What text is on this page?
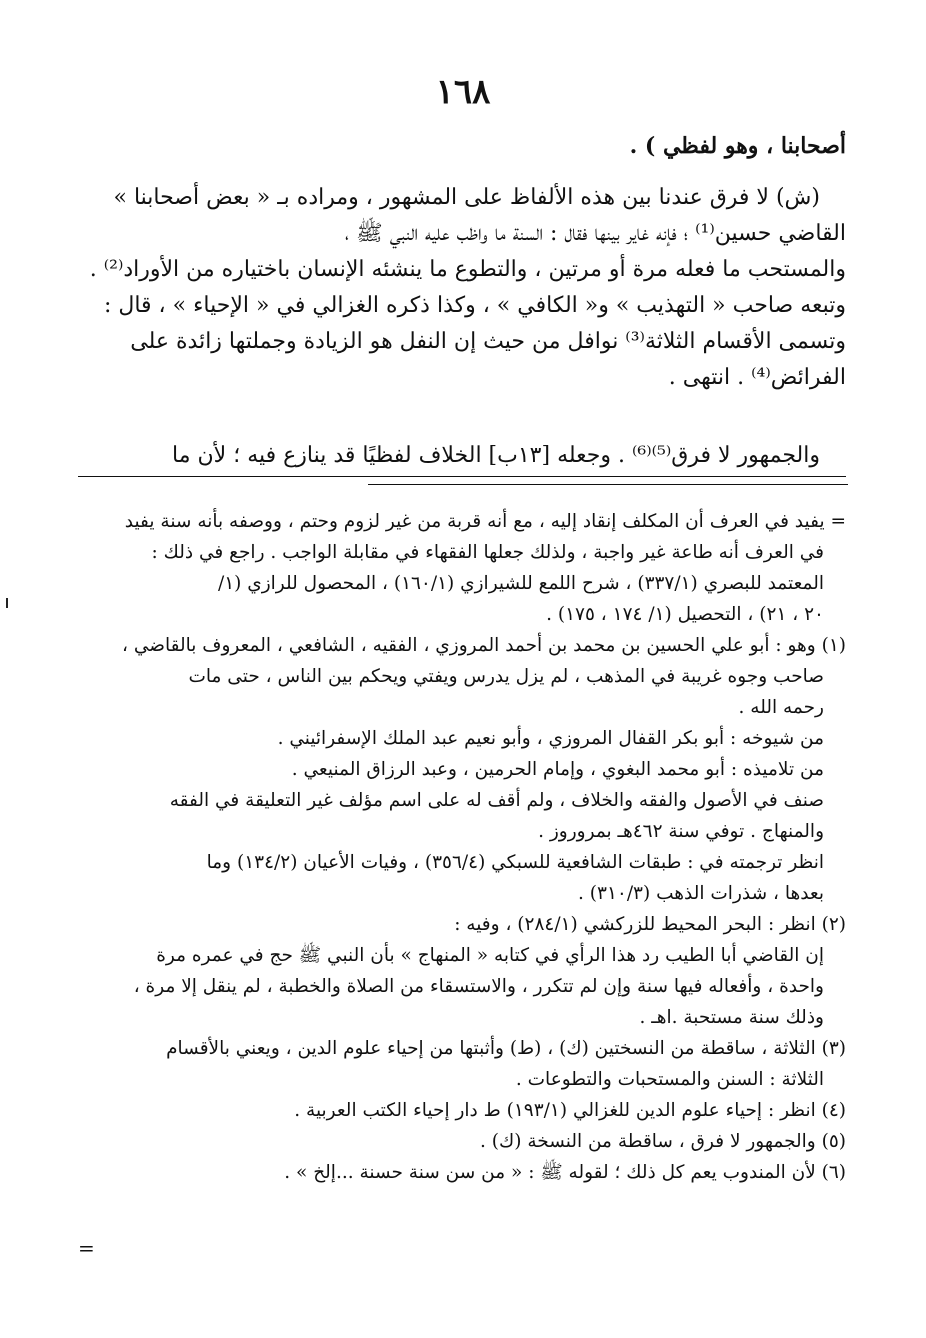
١٦٨
أصحابنا ، وهو لفظي ) .
(ش) لا فرق عندنا بين هذه الألفاظ على المشهور ، ومراده بـ « بعض أصحابنا »
القاضي حسين⁽¹⁾ ؛ فإنه غاير بينها فقال : السنة ما واظب عليه النبي ﷺ ،
والمستحب ما فعله مرة أو مرتين ، والتطوع ما ينشئه الإنسان باختياره من الأوراد⁽²⁾ .
وتبعه صاحب « التهذيب » و« الكافي » ، وكذا ذكره الغزالي في « الإحياء » ، قال :
وتسمى الأقسام الثلاثة⁽³⁾ نوافل من حيث إن النفل هو الزيادة وجملتها زائدة على
الفرائض⁽⁴⁾ . انتهى .
والجمهور لا فرق⁽⁵⁾⁽⁶⁾ . وجعله [١٣ب] الخلاف لفظيًا قد ينازع فيه ؛ لأن ما
= يفيد في العرف أن المكلف إنقاد إليه ، مع أنه قربة من غير لزوم وحتم ، ووصفه بأنه سنة يفيد
في العرف أنه طاعة غير واجبة ، ولذلك جعلها الفقهاء في مقابلة الواجب . راجع في ذلك :
المعتمد للبصري (٣٣٧/١) ، شرح اللمع للشيرازي (١٦٠/١) ، المحصول للرازي (١/
٢٠ ، ٢١) ، التحصيل (١/ ١٧٤ ، ١٧٥) .
(١) وهو : أبو علي الحسين بن محمد بن أحمد المروزي ، الفقيه ، الشافعي ، المعروف بالقاضي ،
صاحب وجوه غريبة في المذهب ، لم يزل يدرس ويفتي ويحكم بين الناس ، حتى مات
رحمه الله .
من شيوخه : أبو بكر القفال المروزي ، وأبو نعيم عبد الملك الإسفرائيني .
من تلاميذه : أبو محمد البغوي ، وإمام الحرمين ، وعبد الرزاق المنيعي .
صنف في الأصول والفقه والخلاف ، ولم أقف له على اسم مؤلف غير التعليقة في الفقه
والمنهاج . توفي سنة ٤٦٢هـ بمروروز .
انظر ترجمته في : طبقات الشافعية للسبكي (٣٥٦/٤) ، وفيات الأعيان (١٣٤/٢) وما
بعدها ، شذرات الذهب (٣١٠/٣) .
(٢) انظر : البحر المحيط للزركشي (٢٨٤/١) ، وفيه :
إن القاضي أبا الطيب رد هذا الرأي في كتابه « المنهاج » بأن النبي ﷺ حج في عمره مرة
واحدة ، وأفعاله فيها سنة وإن لم تتكرر ، والاستسقاء من الصلاة والخطبة ، لم ينقل إلا مرة ،
وذلك سنة مستحبة .اهـ .
(٣) الثلاثة ، ساقطة من النسختين (ك) ، (ط) وأثبتها من إحياء علوم الدين ، ويعني بالأقسام
الثلاثة : السنن والمستحبات والتطوعات .
(٤) انظر : إحياء علوم الدين للغزالي (١٩٣/١) ط دار إحياء الكتب العربية .
(٥) والجمهور لا فرق ، ساقطة من النسخة (ك) .
(٦) لأن المندوب يعم كل ذلك ؛ لقوله ﷺ : « من سن سنة حسنة ...إلخ » .
=
